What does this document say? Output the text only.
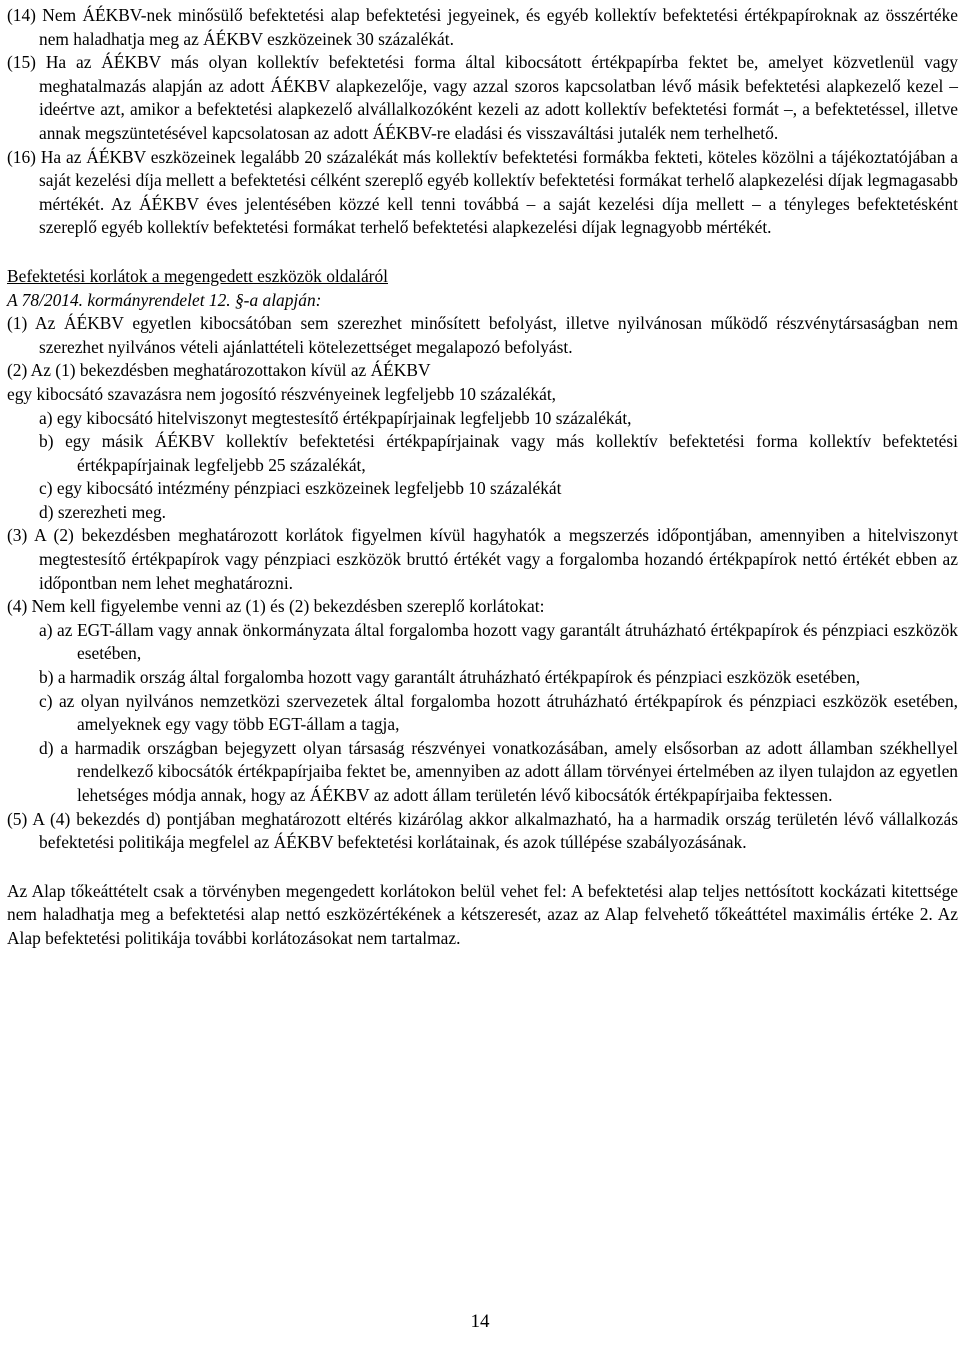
(14) Nem ÁÉKBV-nek minősülő befektetési alap befektetési jegyeinek, és egyéb kollektív befektetési értékpapíroknak az összértéke nem haladhatja meg az ÁÉKBV eszközeinek 30 százalékát.

(15) Ha az ÁÉKBV más olyan kollektív befektetési forma által kibocsátott értékpapírba fektet be, amelyet közvetlenül vagy meghatalmazás alapján az adott ÁÉKBV alapkezelője, vagy azzal szoros kapcsolatban lévő másik befektetési alapkezelő kezel – ideértve azt, amikor a befektetési alapkezelő alvállalkozóként kezeli az adott kollektív befektetési formát –, a befektetéssel, illetve annak megszüntetésével kapcsolatosan az adott ÁÉKBV-re eladási és visszaváltási jutalék nem terhelhető.

(16) Ha az ÁÉKBV eszközeinek legalább 20 százalékát más kollektív befektetési formákba fekteti, köteles közölni a tájékoztatójában a saját kezelési díja mellett a befektetési célként szereplő egyéb kollektív befektetési formákat terhelő alapkezelési díjak legmagasabb mértékét. Az ÁÉKBV éves jelentésében közzé kell tenni továbbá – a saját kezelési díja mellett – a tényleges befektetésként szereplő egyéb kollektív befektetési formákat terhelő befektetési alapkezelési díjak legnagyobb mértékét.

Befektetési korlátok a megengedett eszközök oldaláról

A 78/2014. kormányrendelet 12. §-a alapján:

(1) Az ÁÉKBV egyetlen kibocsátóban sem szerezhet minősített befolyást, illetve nyilvánosan működő részvénytársaságban nem szerezhet nyilvános vételi ajánlattételi kötelezettséget megalapozó befolyást.

(2) Az (1) bekezdésben meghatározottakon kívül az ÁÉKBV

egy kibocsátó szavazásra nem jogosító részvényeinek legfeljebb 10 százalékát,

a) egy kibocsátó hitelviszonyt megtestesítő értékpapírjainak legfeljebb 10 százalékát,

b) egy másik ÁÉKBV kollektív befektetési értékpapírjainak vagy más kollektív befektetési forma kollektív befektetési értékpapírjainak legfeljebb 25 százalékát,

c) egy kibocsátó intézmény pénzpiaci eszközeinek legfeljebb 10 százalékát

d) szerezheti meg.

(3) A (2) bekezdésben meghatározott korlátok figyelmen kívül hagyhatók a megszerzés időpontjában, amennyiben a hitelviszonyt megtestesítő értékpapírok vagy pénzpiaci eszközök bruttó értékét vagy a forgalomba hozandó értékpapírok nettó értékét ebben az időpontban nem lehet meghatározni.

(4) Nem kell figyelembe venni az (1) és (2) bekezdésben szereplő korlátokat:

a) az EGT-állam vagy annak önkormányzata által forgalomba hozott vagy garantált átruházható értékpapírok és pénzpiaci eszközök esetében,

b) a harmadik ország által forgalomba hozott vagy garantált átruházható értékpapírok és pénzpiaci eszközök esetében,

c) az olyan nyilvános nemzetközi szervezetek által forgalomba hozott átruházható értékpapírok és pénzpiaci eszközök esetében, amelyeknek egy vagy több EGT-állam a tagja,

d) a harmadik országban bejegyzett olyan társaság részvényei vonatkozásában, amely elsősorban az adott államban székhellyel rendelkező kibocsátók értékpapírjaiba fektet be, amennyiben az adott állam törvényei értelmében az ilyen tulajdon az egyetlen lehetséges módja annak, hogy az ÁÉKBV az adott állam területén lévő kibocsátók értékpapírjaiba fektessen.

(5) A (4) bekezdés d) pontjában meghatározott eltérés kizárólag akkor alkalmazható, ha a harmadik ország területén lévő vállalkozás befektetési politikája megfelel az ÁÉKBV befektetési korlátainak, és azok túllépése szabályozásának.

Az Alap tőkeáttételt csak a törvényben megengedett korlátokon belül vehet fel: A befektetési alap teljes nettósított kockázati kitettsége nem haladhatja meg a befektetési alap nettó eszközértékének a kétszeresét, azaz az Alap felvehető tőkeáttétel maximális értéke 2. Az Alap befektetési politikája további korlátozásokat nem tartalmaz.

14
